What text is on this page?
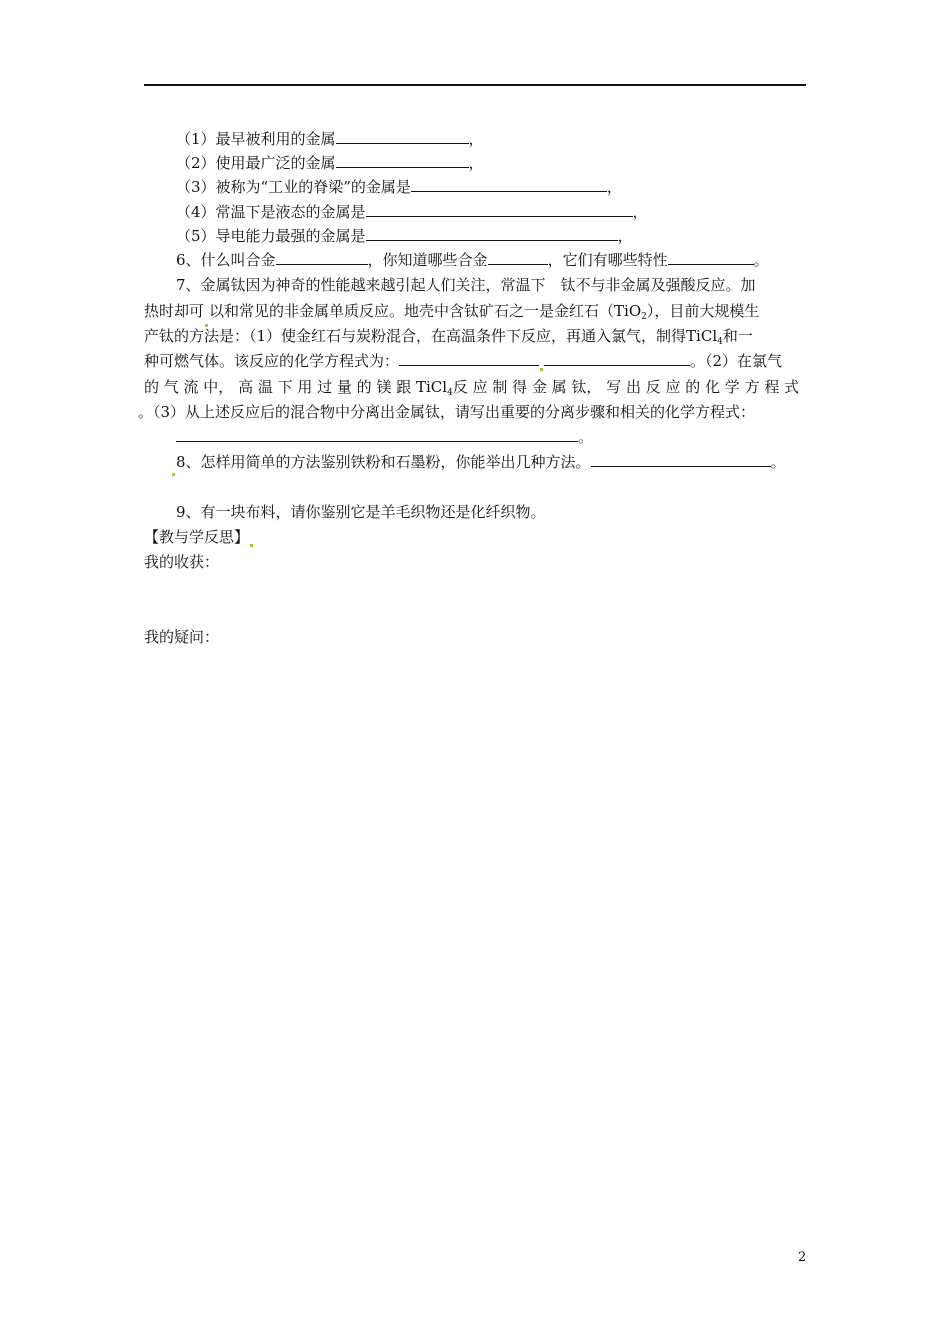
（1）最早被利用的金属	，
（2）使用最广泛的金属	，
（3）被称为“工业的脊梁”的金属是	，
（4）常温下是液态的金属是	，
（5）导电能力最强的金属是	，
6、什么叫合金	，你知道哪些合金	，它们有哪些特性	。
7、金属钛因为神奇的性能越来越引起人们关注，常温下　钛不与非金属及强酸反应。加
热时却可 以和常见的非金属单质反应。地壳中含钛矿石之一是金红石（TiO$_2$），目前大规模生
产钛的方法是：（1）使金红石与炭粉混合，在高温条件下反应，再通入氯气，制得TiCl$_4$和一
种可燃气体。该反应的化学方程式为：	。（2）在氯气
的 气 流 中， 高 温 下 用 过 量 的 镁 跟 TiCl$_4$反 应 制 得 金 属 钛， 写 出 反 应 的 化 学 方 程 式
。（3）从上述反应后的混合物中分离出金属钛，请写出重要的分离步骤和相关的化学方程式：
。
8、怎样用简单的方法鉴别铁粉和石墨粉，你能举出几种方法。	。
9、有一块布料，请你鉴别它是羊毛织物还是化纤织物。
【教与学反思】
我的收获：
我的疑问：
2
